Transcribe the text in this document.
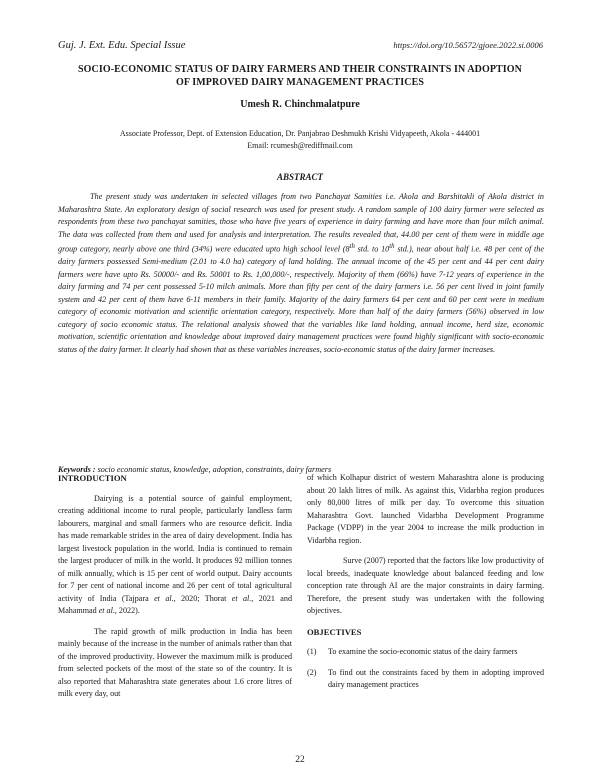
Guj. J. Ext. Edu. Special Issue	https://doi.org/10.56572/gjoee.2022.si.0006
SOCIO-ECONOMIC STATUS OF DAIRY FARMERS AND THEIR CONSTRAINTS IN ADOPTION OF IMPROVED DAIRY MANAGEMENT PRACTICES
Umesh R. Chinchmalatpure
Associate Professor, Dept. of Extension Education, Dr. Panjabrao Deshmukh Krishi Vidyapeeth, Akola - 444001
Email: rcumesh@rediffmail.com
ABSTRACT

The present study was undertaken in selected villages from two Panchayat Samities i.e. Akola and Barshitakli of Akola district in Maharashtra State. An exploratory design of social research was used for present study. A random sample of 100 dairy farmer were selected as respondents from these two panchayat samities, those who have five years of experience in dairy farming and have more than four milch animal. The data was collected from them and used for analysis and interpretation. The results revealed that, 44.00 per cent of them were in middle age group category, nearly above one third (34%) were educated upto high school level (8th std. to 10th std.), near about half i.e. 48 per cent of the dairy farmers possessed Semi-medium (2.01 to 4.0 ha) category of land holding. The annual income of the 45 per cent and 44 per cent dairy farmers were have upto Rs. 50000/- and Rs. 50001 to Rs. 1,00,000/-, respectively. Majority of them (66%) have 7-12 years of experience in the dairy farming and 74 per cent possessed 5-10 milch animals. More than fifty per cent of the dairy farmers i.e. 56 per cent lived in joint family system and 42 per cent of them have 6-11 members in their family. Majority of the dairy farmers 64 per cent and 60 per cent were in medium category of economic motivation and scientific orientation category, respectively. More than half of the dairy farmers (56%) observed in low category of socio economic status. The relational analysis showed that the variables like land holding, annual income, herd size, economic motivation, scientific orientation and knowledge about improved dairy management practices were found highly significant with socio-economic status of the dairy farmer. It clearly had shown that as these variables increases, socio-economic status of the dairy farmer increases.

Keywords : socio economic status, knowledge, adoption, constraints, dairy farmers

INTRODUCTION

Dairying is a potential source of gainful employment, creating additional income to rural people, particularly landless farm labourers, marginal and small farmers who are resource deficit. India has made remarkable strides in the area of dairy development. India has largest livestock population in the world. India is continued to remain the largest producer of milk in the world. It produces 92 million tonnes of milk annually, which is 15 per cent of world output. Dairy accounts for 7 per cent of national income and 26 per cent of total agricultural activity of India (Tajpara et al., 2020; Thorat et al., 2021 and Mahammad et al., 2022).

The rapid growth of milk production in India has been mainly because of the increase in the number of animals rather than that of the improved productivity. However the maximum milk is produced from selected pockets of the most of the state so of the country. It is also reported that Maharashtra state generates about 1.6 crore litres of milk every day, out

of which Kolhapur district of western Maharashtra alone is producing about 20 lakh litres of milk. As against this, Vidarbha region produces only 80,000 litres of milk per day. To overcome this situation Maharashtra Govt. launched Vidarbha Development Programme Package (VDPP) in the year 2004 to increase the milk production in Vidarbha region.

Surve (2007) reported that the factors like low productivity of local breeds, inadequate knowledge about balanced feeding and low conception rate through AI are the major constraints in dairy farming. Therefore, the present study was undertaken with the following objectives.

OBJECTIVES

(1) To examine the socio-economic status of the dairy farmers
(2) To find out the constraints faced by them in adopting improved dairy management practices
22
